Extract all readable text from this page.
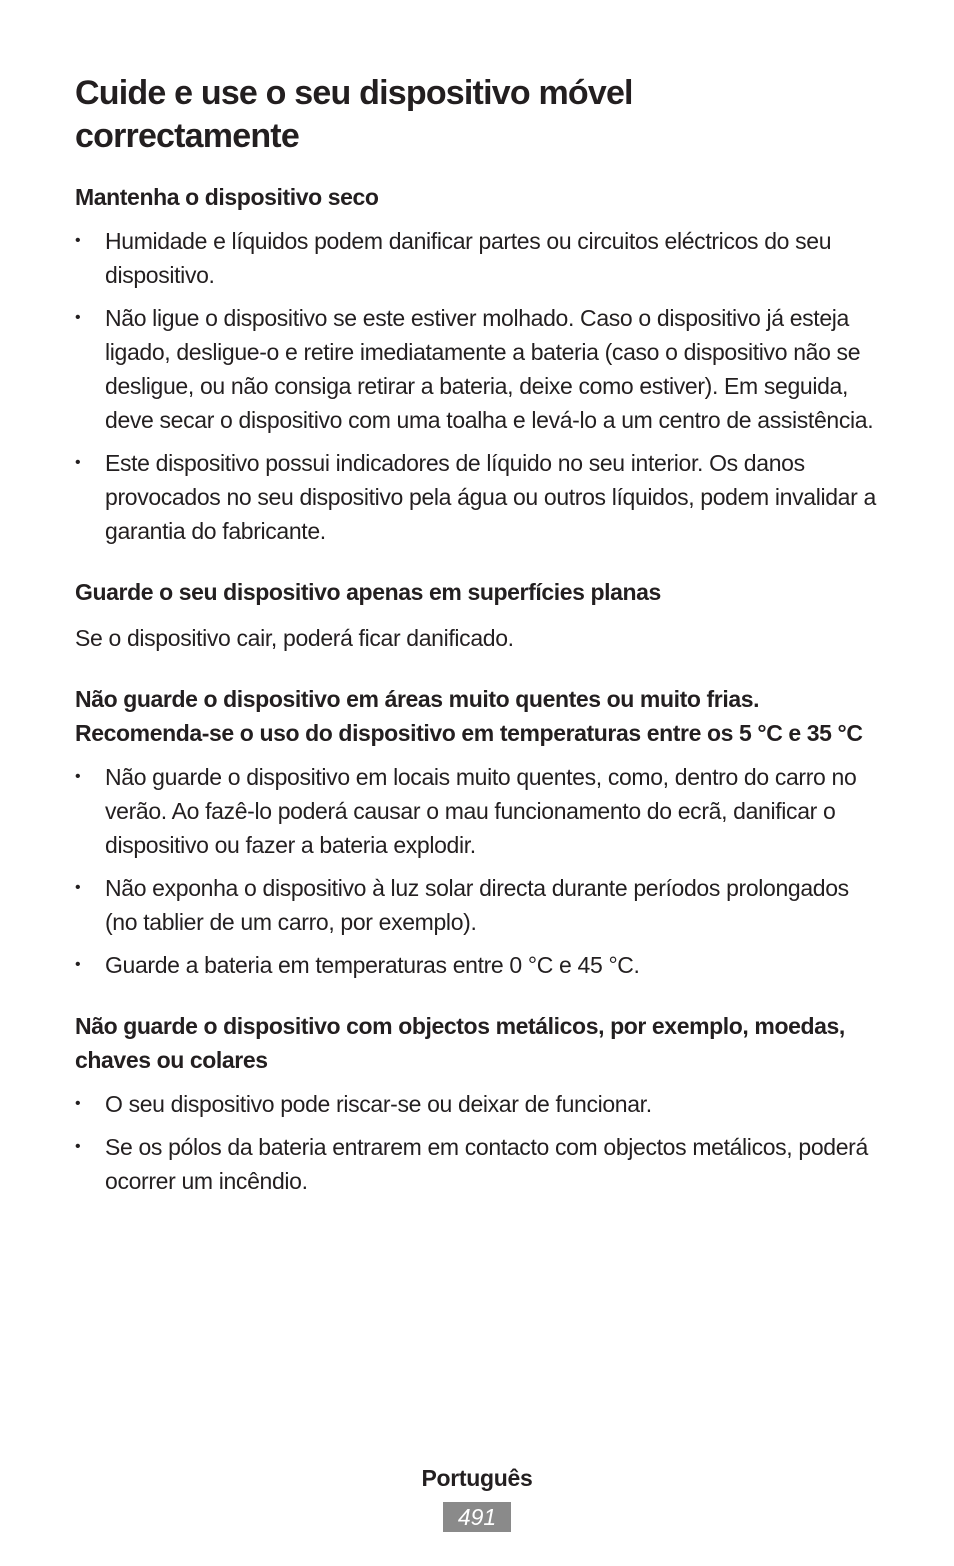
Cuide e use o seu dispositivo móvel correctamente

Mantenha o dispositivo seco

• Humidade e líquidos podem danificar partes ou circuitos eléctricos do seu dispositivo.
• Não ligue o dispositivo se este estiver molhado. Caso o dispositivo já esteja ligado, desligue-o e retire imediatamente a bateria (caso o dispositivo não se desligue, ou não consiga retirar a bateria, deixe como estiver). Em seguida, deve secar o dispositivo com uma toalha e levá-lo a um centro de assistência.
• Este dispositivo possui indicadores de líquido no seu interior. Os danos provocados no seu dispositivo pela água ou outros líquidos, podem invalidar a garantia do fabricante.

Guarde o seu dispositivo apenas em superfícies planas

Se o dispositivo cair, poderá ficar danificado.

Não guarde o dispositivo em áreas muito quentes ou muito frias. Recomenda-se o uso do dispositivo em temperaturas entre os 5 °C e 35 °C

• Não guarde o dispositivo em locais muito quentes, como, dentro do carro no verão. Ao fazê-lo poderá causar o mau funcionamento do ecrã, danificar o dispositivo ou fazer a bateria explodir.
• Não exponha o dispositivo à luz solar directa durante períodos prolongados (no tablier de um carro, por exemplo).
• Guarde a bateria em temperaturas entre 0 °C e 45 °C.

Não guarde o dispositivo com objectos metálicos, por exemplo, moedas, chaves ou colares

• O seu dispositivo pode riscar-se ou deixar de funcionar.
• Se os pólos da bateria entrarem em contacto com objectos metálicos, poderá ocorrer um incêndio.
Português
491
